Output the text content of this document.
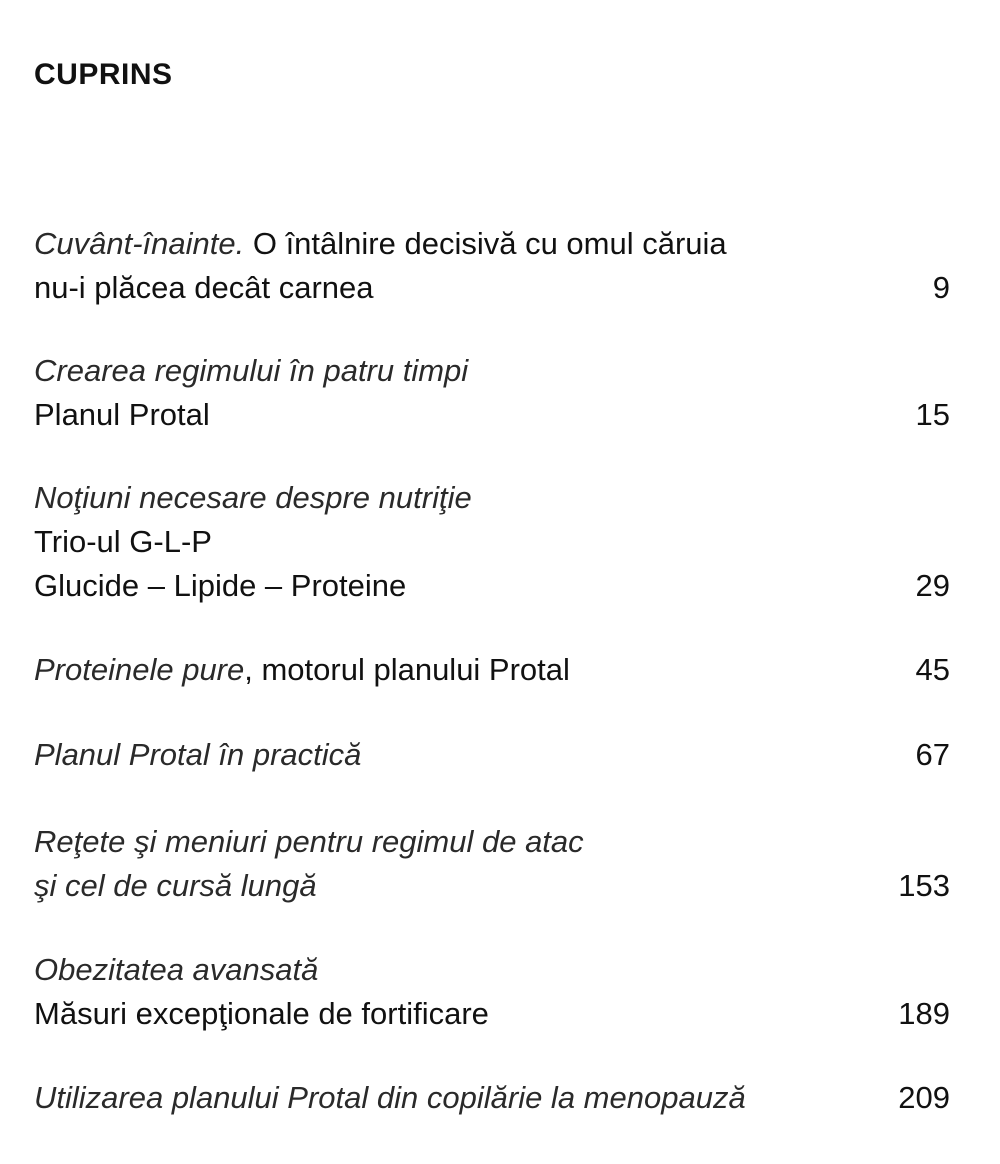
CUPRINS
Cuvânt-înainte. O întâlnire decisivă cu omul căruia
nu-i plăcea decât carnea	9
Crearea regimului în patru timpi
Planul Protal	15
Noţiuni necesare despre nutriţie
Trio-ul G-L-P
Glucide – Lipide – Proteine	29
Proteinele pure, motorul planului Protal	45
Planul Protal în practică	67
Reţete şi meniuri pentru regimul de atac
şi cel de cursă lungă	153
Obezitatea avansată
Măsuri excepţionale de fortificare	189
Utilizarea planului Protal din copilărie la menopauză	209
